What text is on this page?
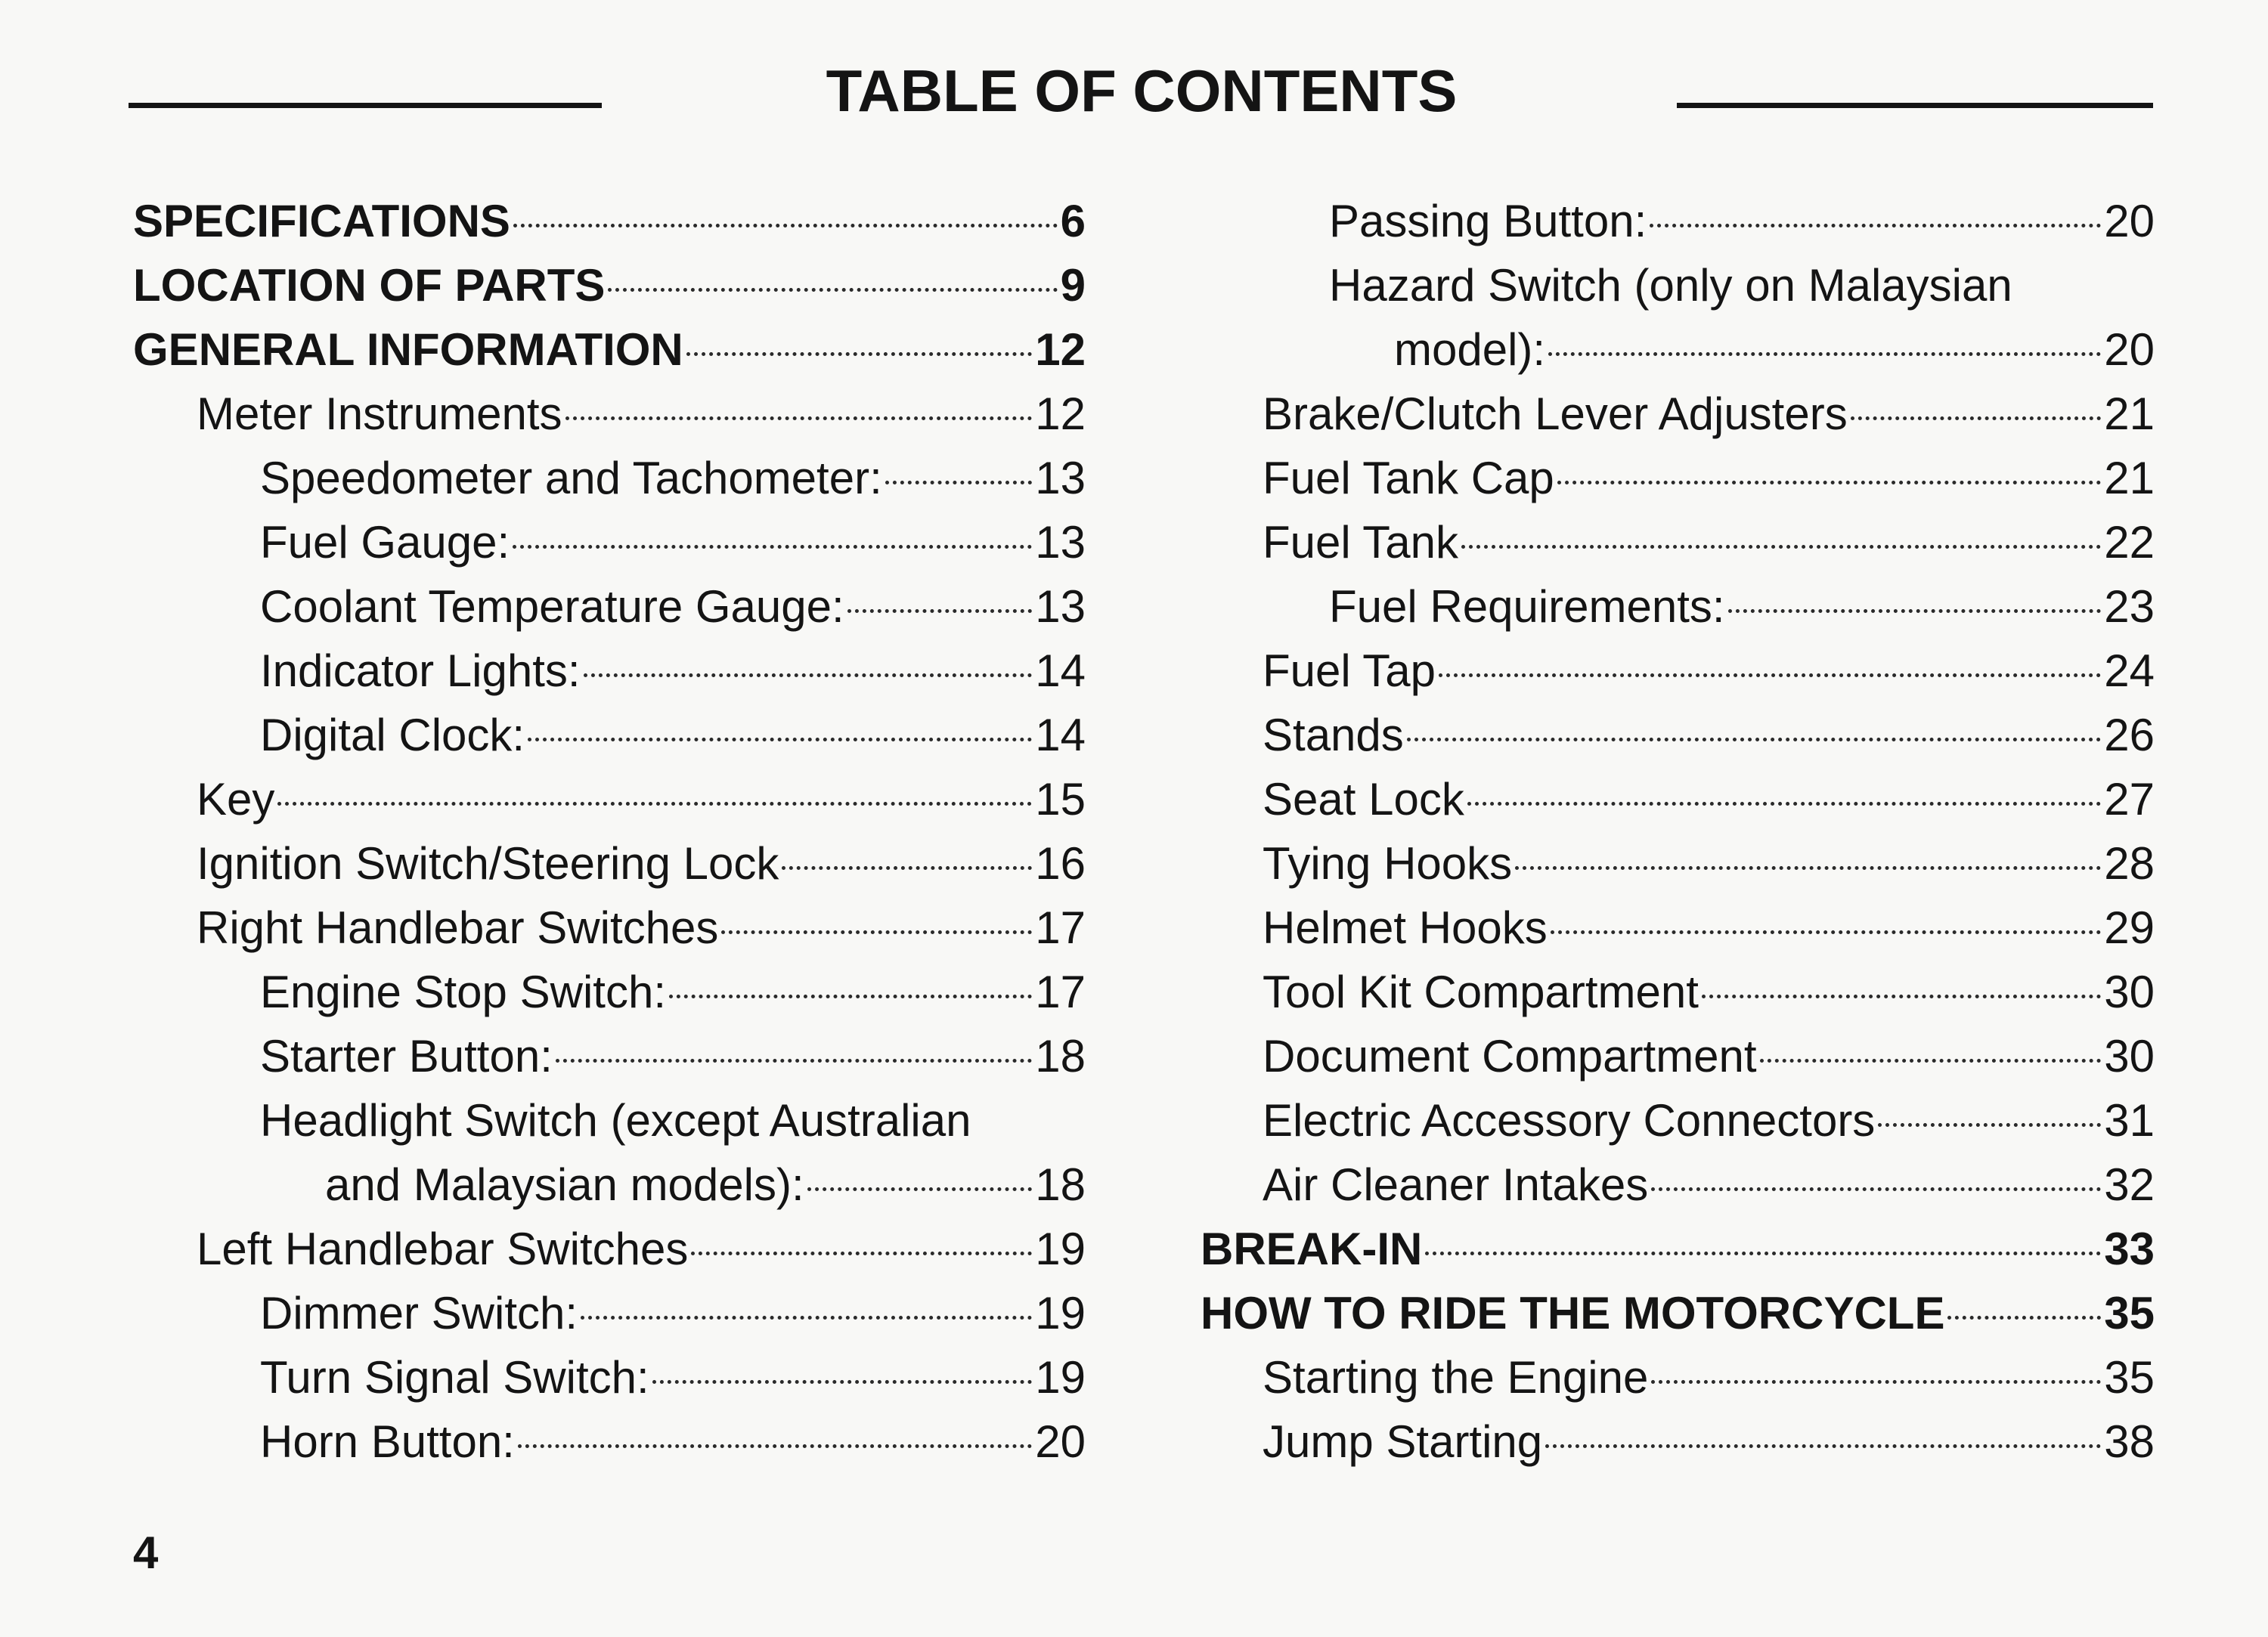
TABLE OF CONTENTS
SPECIFICATIONS	6
LOCATION OF PARTS	9
GENERAL INFORMATION	12
Meter Instruments	12
Speedometer and Tachometer:	13
Fuel Gauge:	13
Coolant Temperature Gauge:	13
Indicator Lights:	14
Digital Clock:	14
Key	15
Ignition Switch/Steering Lock	16
Right Handlebar Switches	17
Engine Stop Switch:	17
Starter Button:	18
Headlight Switch (except Australian
and Malaysian models):	18
Left Handlebar Switches	19
Dimmer Switch:	19
Turn Signal Switch:	19
Horn Button:	20
Passing Button:	20
Hazard Switch (only on Malaysian
model):	20
Brake/Clutch Lever Adjusters	21
Fuel Tank Cap	21
Fuel Tank	22
Fuel Requirements:	23
Fuel Tap	24
Stands	26
Seat Lock	27
Tying Hooks	28
Helmet Hooks	29
Tool Kit Compartment	30
Document Compartment	30
Electric Accessory Connectors	31
Air Cleaner Intakes	32
BREAK-IN	33
HOW TO RIDE THE MOTORCYCLE	35
Starting the Engine	35
Jump Starting	38
4
